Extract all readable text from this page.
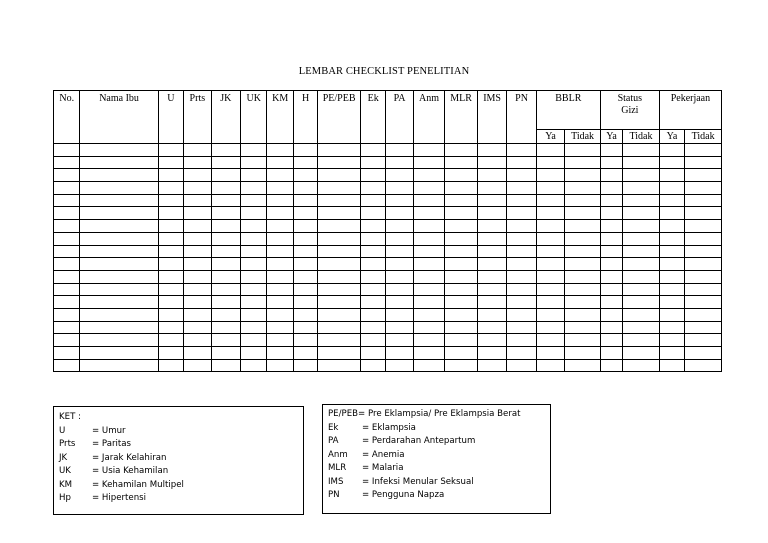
LEMBAR CHECKLIST PENELITIAN
No.	Nama Ibu	U	Prts	JK	UK	KM	H	PE/PEB	Ek	PA	Anm	MLR	IMS	PN	BBLR		Status Gizi		Pekerjaan	
															Ya	Tidak	Ya	Tidak	Ya	Tidak

KET :
U	= Umur
Prts = Paritas
JK	= Jarak Kelahiran
UK = Usia Kehamilan
KM = Kehamilan Multipel
Hp = Hipertensi
PE/PEB= Pre Eklampsia/ Pre Eklampsia Berat
Ek	= Eklampsia
PA	= Perdarahan Antepartum
Anm = Anemia
MLR = Malaria
IMS = Infeksi Menular Seksual
PN	= Pengguna Napza
